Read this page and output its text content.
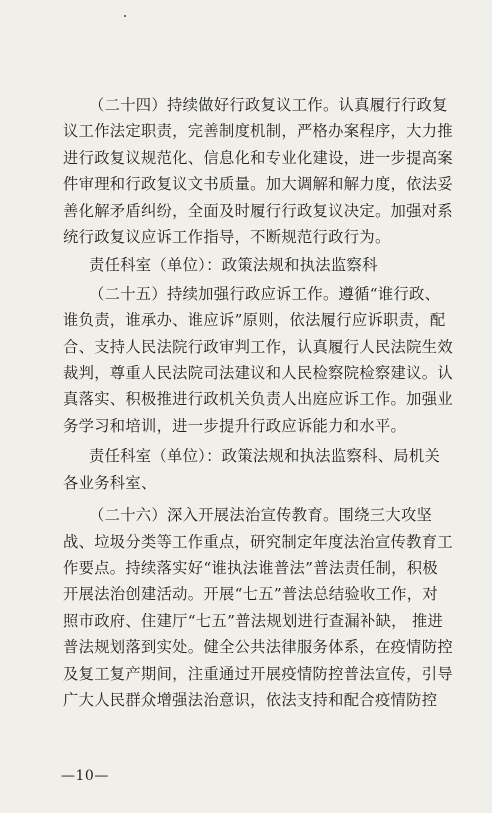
（二十四）持续做好行政复议工作。认真履行行政复议工作法定职责，完善制度机制，严格办案程序，大力推进行政复议规范化、信息化和专业化建设，进一步提高案件审理和行政复议文书质量。加大调解和解力度，依法妥善化解矛盾纠纷，全面及时履行行政复议决定。加强对系统行政复议应诉工作指导，不断规范行政行为。

责任科室（单位）：政策法规和执法监察科

（二十五）持续加强行政应诉工作。遵循“谁行政、谁负责，谁承办、谁应诉”原则，依法履行应诉职责，配合、支持人民法院行政审判工作，认真履行人民法院生效裁判，尊重人民法院司法建议和人民检察院检察建议。认真落实、积极推进行政机关负责人出庭应诉工作。加强业务学习和培训，进一步提升行政应诉能力和水平。

责任科室（单位）：政策法规和执法监察科、局机关各业务科室、

（二十六）深入开展法治宣传教育。围绕三大攻坚战、垃圾分类等工作重点，研究制定年度法治宣传教育工作要点。持续落实好“谁执法谁普法”普法责任制，积极开展法治创建活动。开展“七五”普法总结验收工作，对照市政府、住建厅“七五”普法规划进行查漏补缺， 推进普法规划落到实处。健全公共法律服务体系，在疫情防控及复工复产期间，注重通过开展疫情防控普法宣传，引导广大人民群众增强法治意识，依法支持和配合疫情防控

—10—
